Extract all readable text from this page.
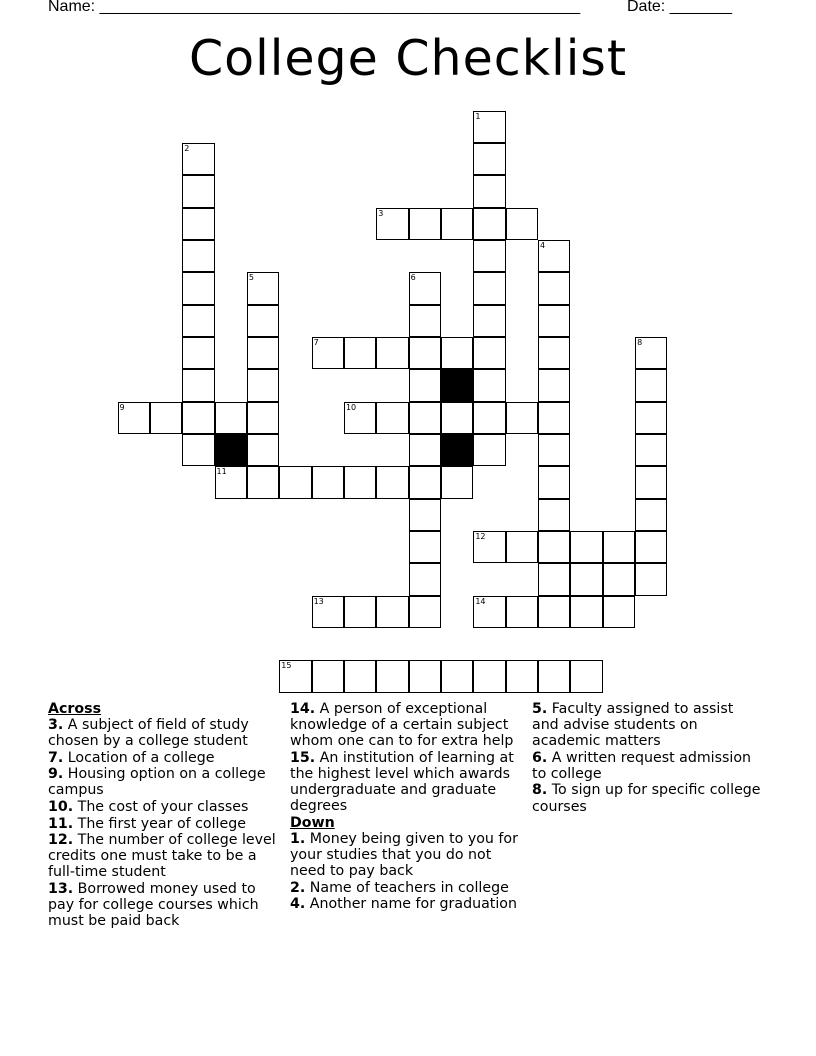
Name: ______________________________________________________	Date: _______
College Checklist
1
2
3
4
5	6
7	8
9	10
11
12
13	14
15
Across
3. A subject of field of study chosen by a college student
7. Location of a college
9. Housing option on a college campus
10. The cost of your classes
11. The first year of college
12. The number of college level credits one must take to be a full-time student
13. Borrowed money used to pay for college courses which must be paid back
14. A person of exceptional knowledge of a certain subject whom one can to for extra help
15. An institution of learning at the highest level which awards undergraduate and graduate degrees
Down
1. Money being given to you for your studies that you do not need to pay back
2. Name of teachers in college
4. Another name for graduation
5. Faculty assigned to assist and advise students on academic matters
6. A written request admission to college
8. To sign up for specific college courses
